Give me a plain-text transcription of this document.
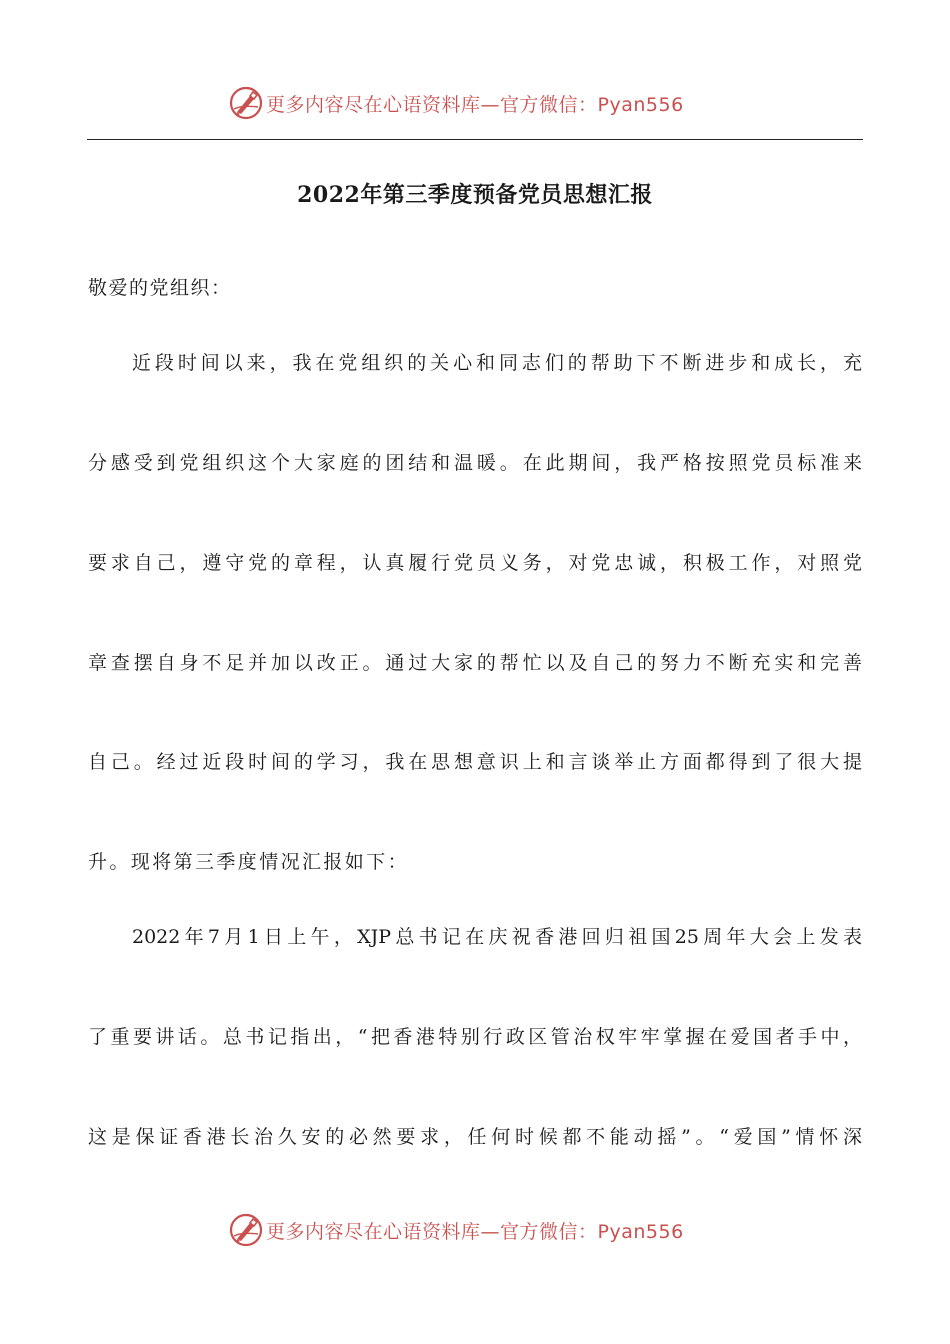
更多内容尽在心语资料库—官方微信：Pyan556
2022年第三季度预备党员思想汇报
敬爱的党组织：
近段时间以来，我在党组织的关心和同志们的帮助下不断进步和成长，充
分感受到党组织这个大家庭的团结和温暖。在此期间，我严格按照党员标准来
要求自己，遵守党的章程，认真履行党员义务，对党忠诚，积极工作，对照党
章查摆自身不足并加以改正。通过大家的帮忙以及自己的努力不断充实和完善
自己。经过近段时间的学习，我在思想意识上和言谈举止方面都得到了很大提
升。现将第三季度情况汇报如下：
2022年7月1日上午，XJP总书记在庆祝香港回归祖国25周年大会上发表
了重要讲话。总书记指出，“把香港特别行政区管治权牢牢掌握在爱国者手中，
这是保证香港长治久安的必然要求，任何时候都不能动摇”。“爱国”情怀深
更多内容尽在心语资料库—官方微信：Pyan556
